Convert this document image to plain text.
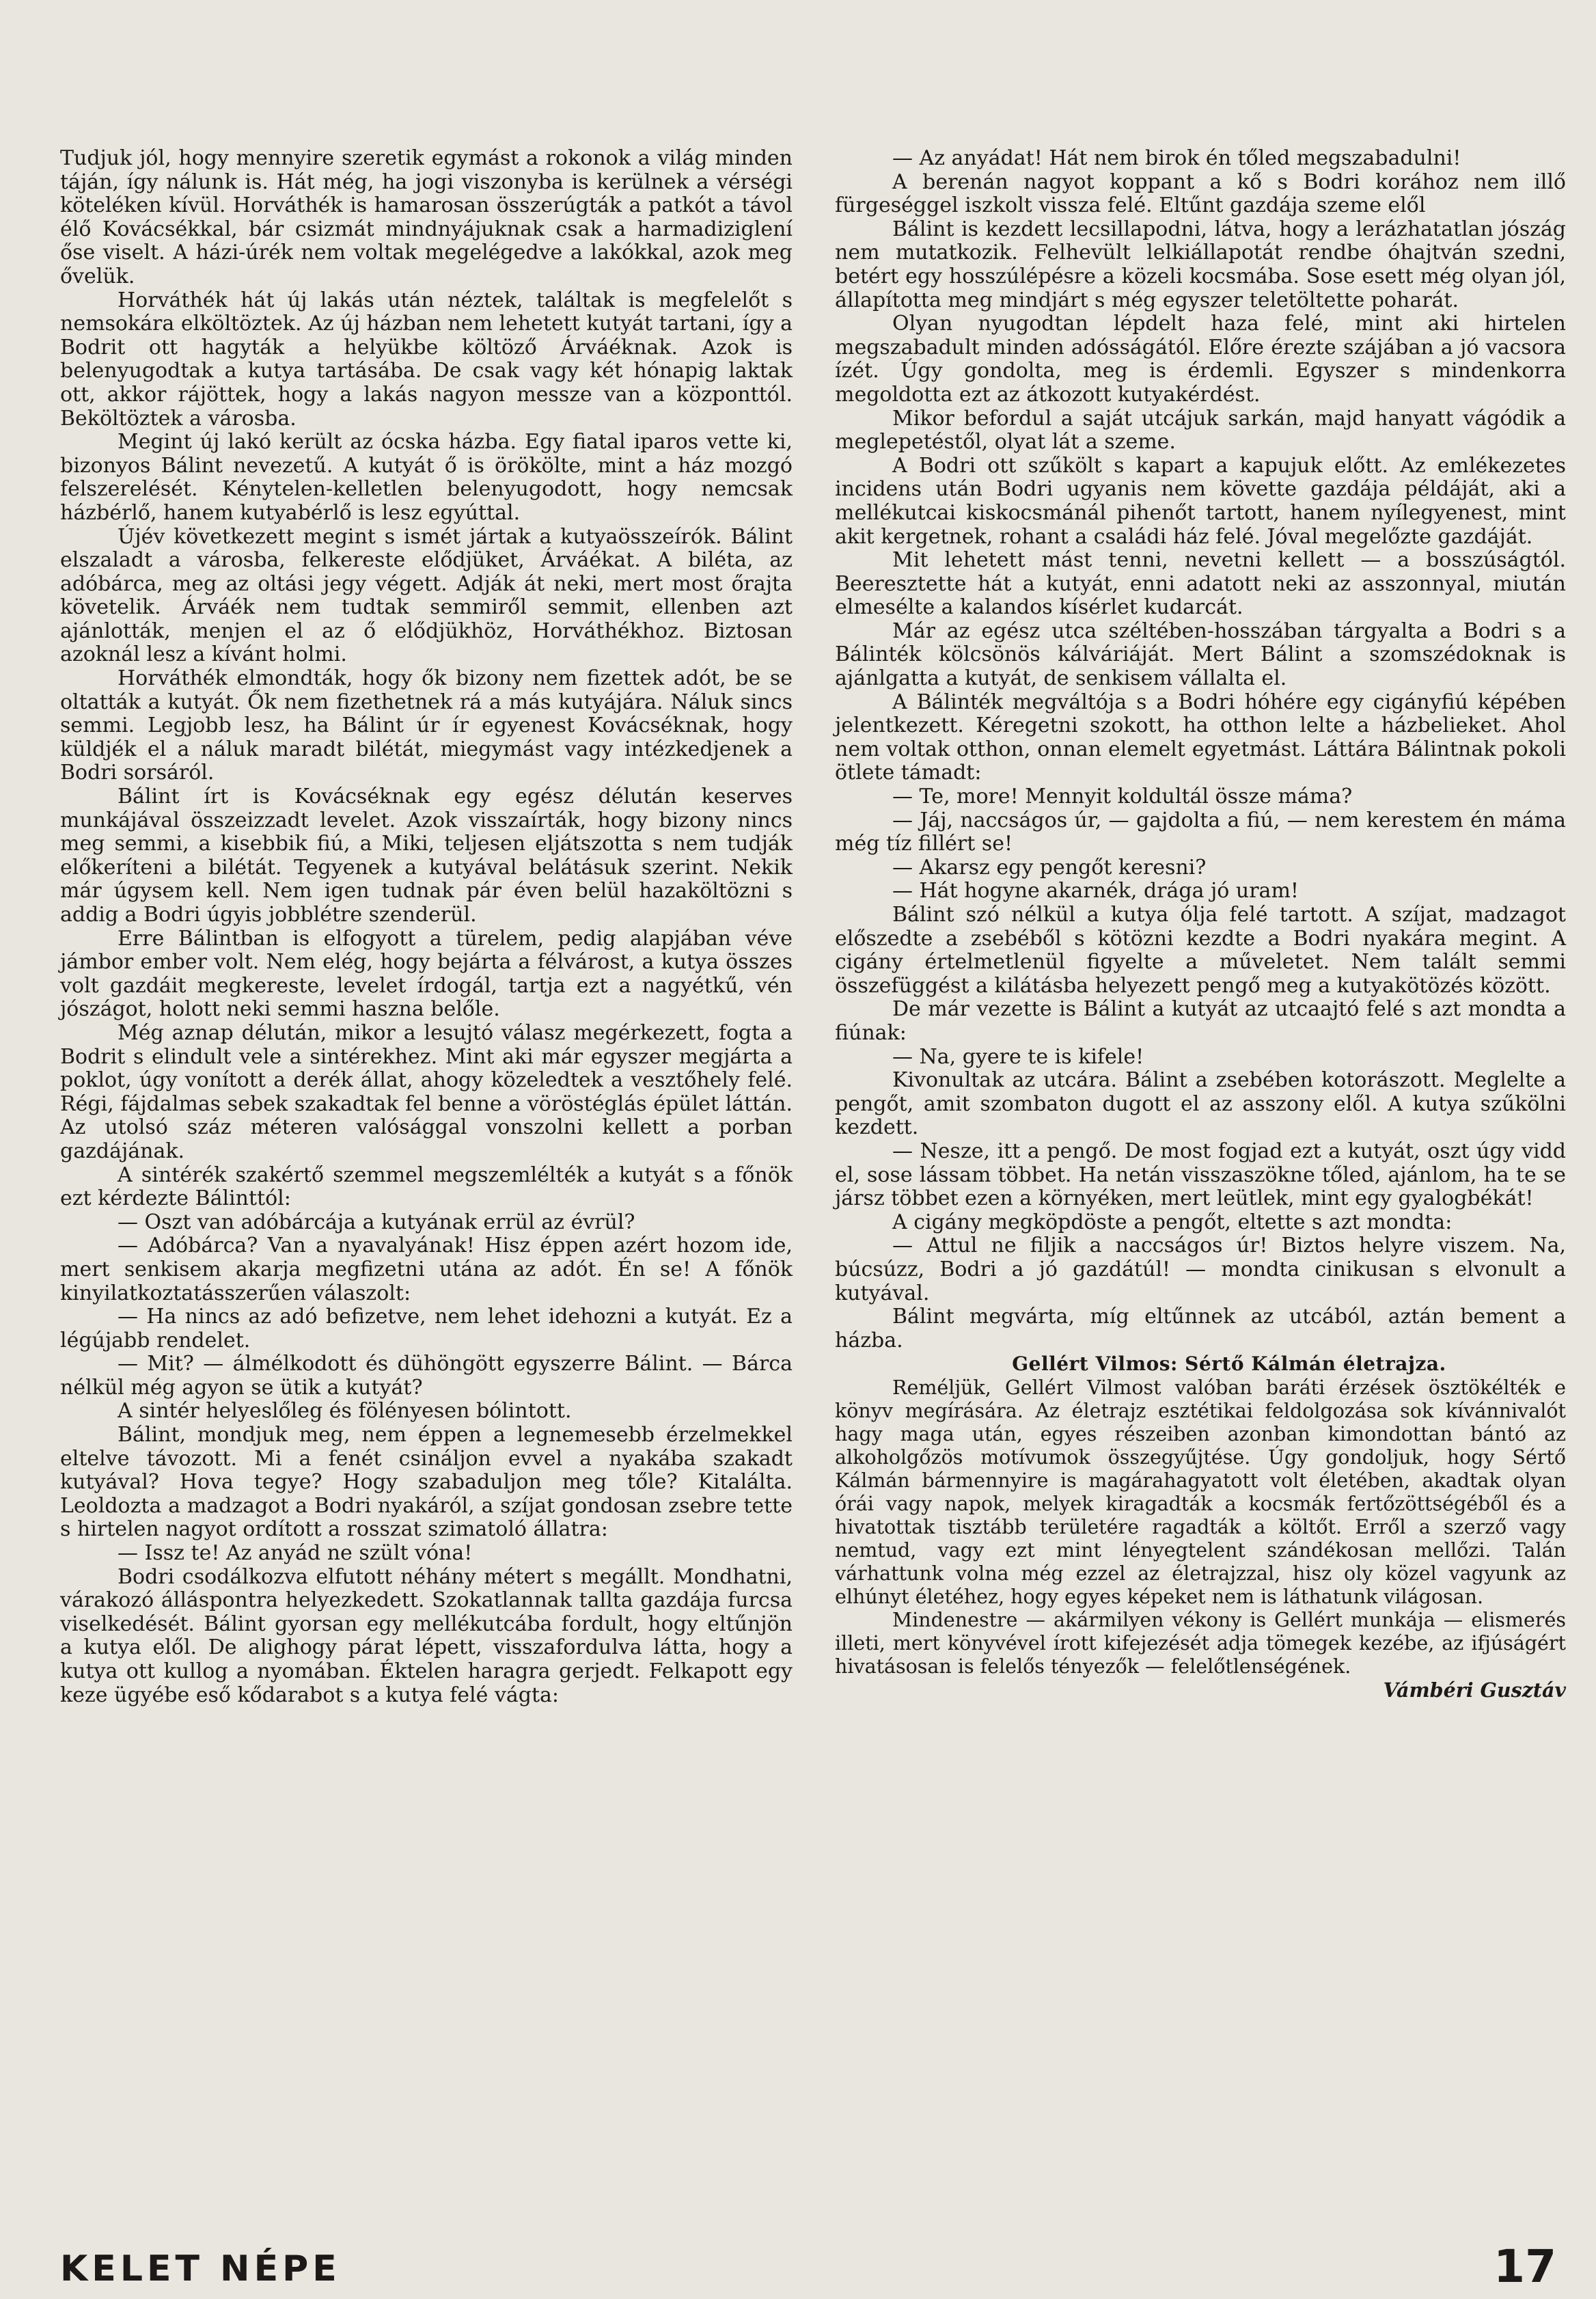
Tudjuk jól, hogy mennyire szeretik egymást a rokonok a világ minden táján, így nálunk is. Hát még, ha jogi viszonyba is kerülnek a vérségi köteléken kívül. Horváthék is hamarosan összerúgták a patkót a távol élő Kovácsékkal, bár csizmát mindnyájuknak csak a harmadiziglení őse viselt. A házi-úrék nem voltak megelégedve a lakókkal, azok meg ővelük.

Horváthék hát új lakás után néztek, találtak is megfelelőt s nemsokára elköltöztek. Az új házban nem lehetett kutyát tartani, így a Bodrit ott hagyták a helyükbe költöző Árváéknak. Azok is belenyugodtak a kutya tartásába. De csak vagy két hónapig laktak ott, akkor rájöttek, hogy a lakás nagyon messze van a központtól. Beköltöztek a városba.

Megint új lakó került az ócska házba. Egy fiatal iparos vette ki, bizonyos Bálint nevezetű. A kutyát ő is örökölte, mint a ház mozgó felszerelését. Kénytelen-kelletlen belenyugodott, hogy nemcsak házbérlő, hanem kutyabérlő is lesz egyúttal.

Újév következett megint s ismét jártak a kutyaösszeírók. Bálint elszaladt a városba, felkereste elődjüket, Árváékat. A biléta, az adóbárca, meg az oltási jegy végett. Adják át neki, mert most őrajta követelik. Árváék nem tudtak semmiről semmit, ellenben azt ajánlották, menjen el az ő elődjükhöz, Horváthékhoz. Biztosan azoknál lesz a kívánt holmi.

Horváthék elmondták, hogy ők bizony nem fizettek adót, be se oltatták a kutyát. Ők nem fizethetnek rá a más kutyájára. Náluk sincs semmi. Legjobb lesz, ha Bálint úr ír egyenest Kovácséknak, hogy küldjék el a náluk maradt bilétát, miegymást vagy intézkedjenek a Bodri sorsáról.

Bálint írt is Kovácséknak egy egész délután keserves munkájával összeizzadt levelet. Azok visszaírták, hogy bizony nincs meg semmi, a kisebbik fiú, a Miki, teljesen eljátszotta s nem tudják előkeríteni a bilétát. Tegyenek a kutyával belátásuk szerint. Nekik már úgysem kell. Nem igen tudnak pár éven belül hazaköltözni s addig a Bodri úgyis jobblétre szenderül.

Erre Bálintban is elfogyott a türelem, pedig alapjában véve jámbor ember volt. Nem elég, hogy bejárta a félvárost, a kutya összes volt gazdáit megkereste, levelet írdogál, tartja ezt a nagyétkű, vén jószágot, holott neki semmi haszna belőle.

Még aznap délután, mikor a lesujtó válasz megérkezett, fogta a Bodrit s elindult vele a sintérekhez. Mint aki már egyszer megjárta a poklot, úgy vonított a derék állat, ahogy közeledtek a vesztőhely felé. Régi, fájdalmas sebek szakadtak fel benne a vöröstéglás épület láttán. Az utolsó száz méteren valósággal vonszolni kellett a porban gazdájának.

A sintérék szakértő szemmel megszemlélték a kutyát s a főnök ezt kérdezte Bálinttól:

— Oszt van adóbárcája a kutyának errül az évrül?

— Adóbárca? Van a nyavalyának! Hisz éppen azért hozom ide, mert senkisem akarja megfizetni utána az adót. Én se! A főnök kinyilatkoztatásszerűen válaszolt:

— Ha nincs az adó befizetve, nem lehet idehozni a kutyát. Ez a légújabb rendelet.

— Mit? — álmélkodott és dühöngött egyszerre Bálint. — Bárca nélkül még agyon se ütik a kutyát?

A sintér helyeslőleg és fölényesen bólintott.

Bálint, mondjuk meg, nem éppen a legnemesebb érzelmekkel eltelve távozott. Mi a fenét csináljon evvel a nyakába szakadt kutyával? Hova tegye? Hogy szabaduljon meg tőle? Kitalálta. Leoldozta a madzagot a Bodri nyakáról, a szíjat gondosan zsebre tette s hirtelen nagyot ordított a rosszat szimatoló állatra:

— Issz te! Az anyád ne szült vóna!

Bodri csodálkozva elfutott néhány métert s megállt. Mondhatni, várakozó álláspontra helyezkedett. Szokatlannak tallta gazdája furcsa viselkedését. Bálint gyorsan egy mellékutcába fordult, hogy eltűnjön a kutya elől. De alighogy párat lépett, visszafordulva látta, hogy a kutya ott kullog a nyomában. Éktelen haragra gerjedt. Felkapott egy keze ügyébe eső kődarabot s a kutya felé vágta:

— Az anyádat! Hát nem birok én tőled megszabadulni!

A berenán nagyot koppant a kő s Bodri korához nem illő fürgeséggel iszkolt vissza felé. Eltűnt gazdája szeme elől

Bálint is kezdett lecsillapodni, látva, hogy a lerázhatatlan jószág nem mutatkozik. Felhevült lelkiállapotát rendbe óhajtván szedni, betért egy hosszúlépésre a közeli kocsmába. Sose esett még olyan jól, állapította meg mindjárt s még egyszer teletöltette poharát.

Olyan nyugodtan lépdelt haza felé, mint aki hirtelen megszabadult minden adósságától. Előre érezte szájában a jó vacsora ízét. Úgy gondolta, meg is érdemli. Egyszer s mindenkorra megoldotta ezt az átkozott kutyakérdést.

Mikor befordul a saját utcájuk sarkán, majd hanyatt vágódik a meglepetéstől, olyat lát a szeme.

A Bodri ott szűkölt s kapart a kapujuk előtt. Az emlékezetes incidens után Bodri ugyanis nem követte gazdája példáját, aki a mellékutcai kiskocsmánál pihenőt tartott, hanem nyílegyenest, mint akit kergetnek, rohant a családi ház felé. Jóval megelőzte gazdáját.

Mit lehetett mást tenni, nevetni kellett — a bosszúságtól. Beeresztette hát a kutyát, enni adatott neki az asszonnyal, miután elmesélte a kalandos kísérlet kudarcát.

Már az egész utca széltében-hosszában tárgyalta a Bodri s a Bálinték kölcsönös kálváriáját. Mert Bálint a szomszédoknak is ajánlgatta a kutyát, de senkisem vállalta el.

A Bálinték megváltója s a Bodri hóhére egy cigányfiú képében jelentkezett. Kéregetni szokott, ha otthon lelte a házbelieket. Ahol nem voltak otthon, onnan elemelt egyetmást. Láttára Bálintnak pokoli ötlete támadt:

— Te, more! Mennyit koldultál össze máma?

— Jáj, naccságos úr, — gajdolta a fiú, — nem kerestem én máma még tíz fillért se!

— Akarsz egy pengőt keresni?

— Hát hogyne akarnék, drága jó uram!

Bálint szó nélkül a kutya ólja felé tartott. A szíjat, madzagot előszedte a zsebéből s kötözni kezdte a Bodri nyakára megint. A cigány értelmetlenül figyelte a műveletet. Nem talált semmi összefüggést a kilátásba helyezett pengő meg a kutyakötözés között.

De már vezette is Bálint a kutyát az utcaajtó felé s azt mondta a fiúnak:

— Na, gyere te is kifele!

Kivonultak az utcára. Bálint a zsebében kotorászott. Meglelte a pengőt, amit szombaton dugott el az asszony elől. A kutya szűkölni kezdett.

— Nesze, itt a pengő. De most fogjad ezt a kutyát, oszt úgy vidd el, sose lássam többet. Ha netán visszaszökne tőled, ajánlom, ha te se jársz többet ezen a környéken, mert leütlek, mint egy gyalogbékát!

A cigány megköpdöste a pengőt, eltette s azt mondta:

— Attul ne filjik a naccságos úr! Biztos helyre viszem. Na, búcsúzz, Bodri a jó gazdátúl! — mondta cinikusan s elvonult a kutyával.

Bálint megvárta, míg eltűnnek az utcából, aztán bement a házba.

Gellért Vilmos: Sértő Kálmán életrajza.

Reméljük, Gellért Vilmost valóban baráti érzések ösztökélték e könyv megírására. Az életrajz esztétikai feldolgozása sok kívánnivalót hagy maga után, egyes részeiben azonban kimondottan bántó az alkoholgőzös motívumok összegyűjtése. Úgy gondoljuk, hogy Sértő Kálmán bármennyire is magárahagyatott volt életében, akadtak olyan órái vagy napok, melyek kiragadták a kocsmák fertőzöttségéből és a hivatottak tisztább területére ragadták a költőt. Erről a szerző vagy nemtud, vagy ezt mint lényegtelent szándékosan mellőzi. Talán várhattunk volna még ezzel az életrajzzal, hisz oly közel vagyunk az elhúnyt életéhez, hogy egyes képeket nem is láthatunk világosan.

Mindenestre — akármilyen vékony is Gellért munkája — elismerés illeti, mert könyvével írott kifejezését adja tömegek kezébe, az ifjúságért hivatásosan is felelős tényezők — felelőtlenségének.

Vámbéri Gusztáv

KELET NÉPE	17
